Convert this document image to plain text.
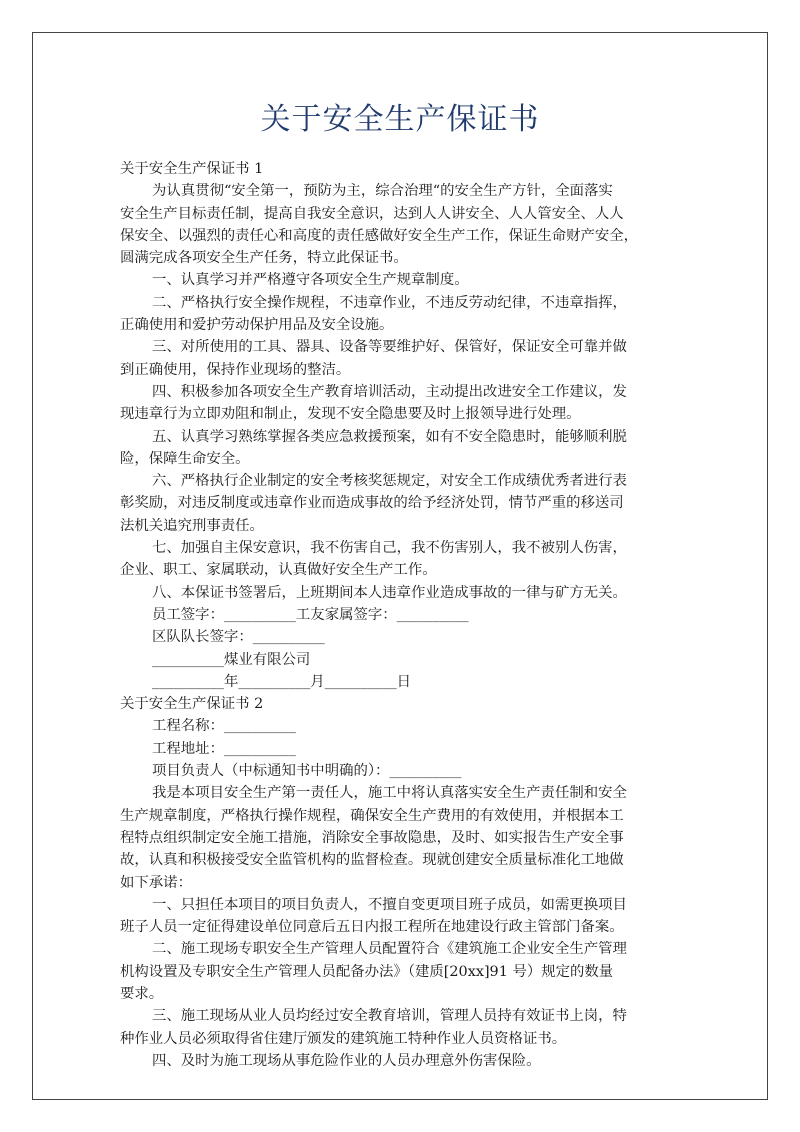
关于安全生产保证书

关于安全生产保证书 1

为认真贯彻“安全第一，预防为主，综合治理“的安全生产方针，全面落实

安全生产目标责任制，提高自我安全意识，达到人人讲安全、人人管安全、人人

保安全、以强烈的责任心和高度的责任感做好安全生产工作，保证生命财产安全，

圆满完成各项安全生产任务，特立此保证书。

一、认真学习并严格遵守各项安全生产规章制度。

二、严格执行安全操作规程，不违章作业，不违反劳动纪律，不违章指挥，

正确使用和爱护劳动保护用品及安全设施。

三、对所使用的工具、器具、设备等要维护好、保管好，保证安全可靠并做

到正确使用，保持作业现场的整洁。

四、积极参加各项安全生产教育培训活动，主动提出改进安全工作建议，发

现违章行为立即劝阻和制止，发现不安全隐患要及时上报领导进行处理。

五、认真学习熟练掌握各类应急救援预案，如有不安全隐患时，能够顺利脱

险，保障生命安全。

六、严格执行企业制定的安全考核奖惩规定，对安全工作成绩优秀者进行表

彰奖励，对违反制度或违章作业而造成事故的给予经济处罚，情节严重的移送司

法机关追究刑事责任。

七、加强自主保安意识，我不伤害自己，我不伤害别人，我不被别人伤害，

企业、职工、家属联动，认真做好安全生产工作。

八、本保证书签署后，上班期间本人违章作业造成事故的一律与矿方无关。

员工签字：__________工友家属签字：__________

区队队长签字：__________

__________煤业有限公司

__________年__________月__________日

关于安全生产保证书 2

工程名称：__________

工程地址：__________

项目负责人（中标通知书中明确的）：__________

我是本项目安全生产第一责任人，施工中将认真落实安全生产责任制和安全

生产规章制度，严格执行操作规程，确保安全生产费用的有效使用，并根据本工

程特点组织制定安全施工措施，消除安全事故隐患，及时、如实报告生产安全事

故，认真和积极接受安全监管机构的监督检查。现就创建安全质量标准化工地做

如下承诺：

一、只担任本项目的项目负责人，不擅自变更项目班子成员，如需更换项目

班子人员一定征得建设单位同意后五日内报工程所在地建设行政主管部门备案。

二、施工现场专职安全生产管理人员配置符合《建筑施工企业安全生产管理

机构设置及专职安全生产管理人员配备办法》（建质[20xx]91 号）规定的数量

要求。

三、施工现场从业人员均经过安全教育培训，管理人员持有效证书上岗，特

种作业人员必须取得省住建厅颁发的建筑施工特种作业人员资格证书。

四、及时为施工现场从事危险作业的人员办理意外伤害保险。
